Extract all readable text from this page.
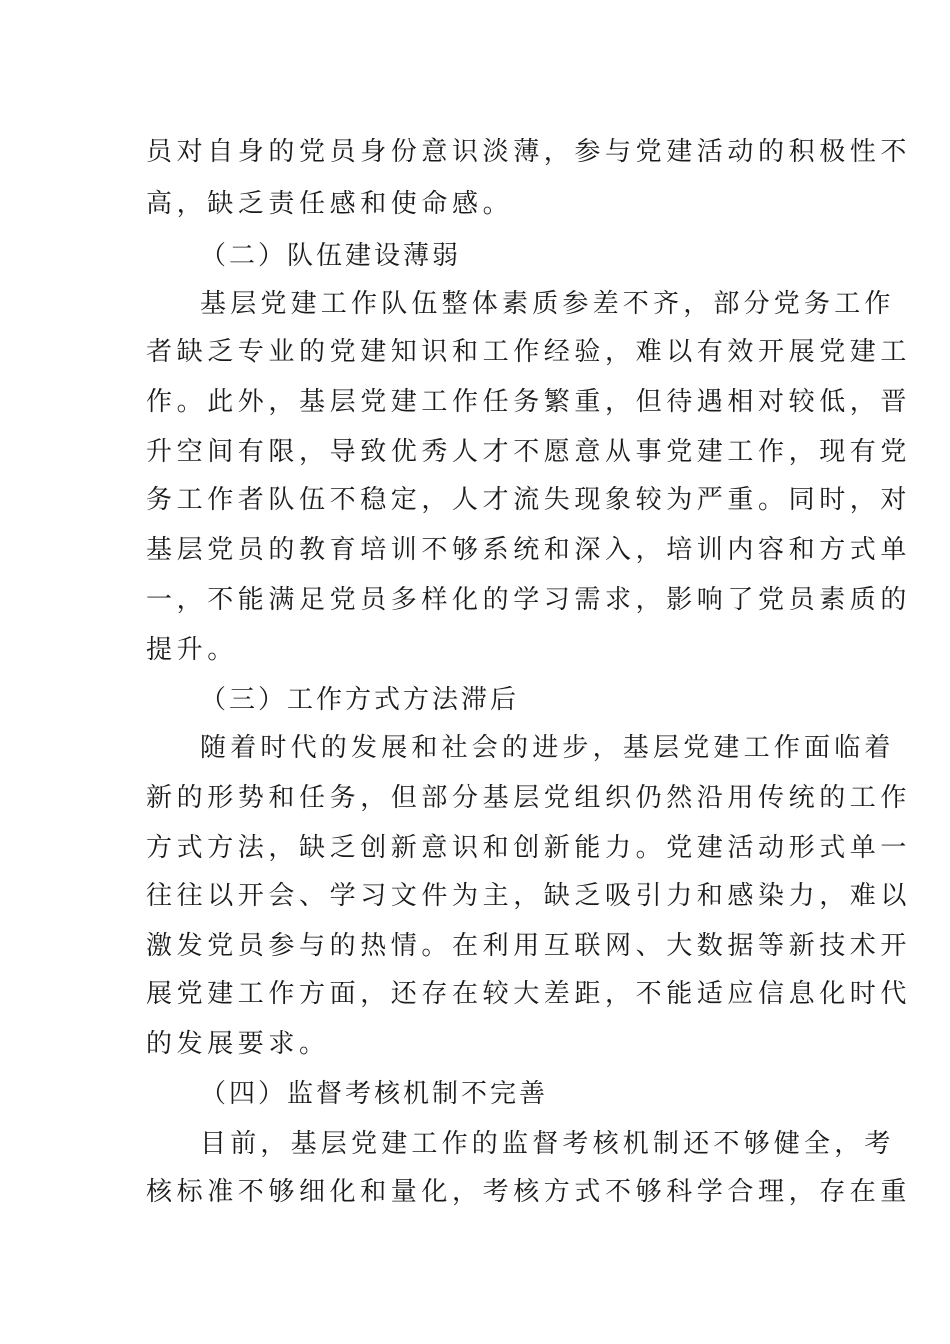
员对自身的党员身份意识淡薄，参与党建活动的积极性不
高，缺乏责任感和使命感。
（二）队伍建设薄弱
基层党建工作队伍整体素质参差不齐，部分党务工作
者缺乏专业的党建知识和工作经验，难以有效开展党建工
作。此外，基层党建工作任务繁重，但待遇相对较低，晋
升空间有限，导致优秀人才不愿意从事党建工作，现有党
务工作者队伍不稳定，人才流失现象较为严重。同时，对
基层党员的教育培训不够系统和深入，培训内容和方式单
一，不能满足党员多样化的学习需求，影响了党员素质的
提升。
（三）工作方式方法滞后
随着时代的发展和社会的进步，基层党建工作面临着
新的形势和任务，但部分基层党组织仍然沿用传统的工作
方式方法，缺乏创新意识和创新能力。党建活动形式单一
往往以开会、学习文件为主，缺乏吸引力和感染力，难以
激发党员参与的热情。在利用互联网、大数据等新技术开
展党建工作方面，还存在较大差距，不能适应信息化时代
的发展要求。
（四）监督考核机制不完善
目前，基层党建工作的监督考核机制还不够健全，考
核标准不够细化和量化，考核方式不够科学合理，存在重
